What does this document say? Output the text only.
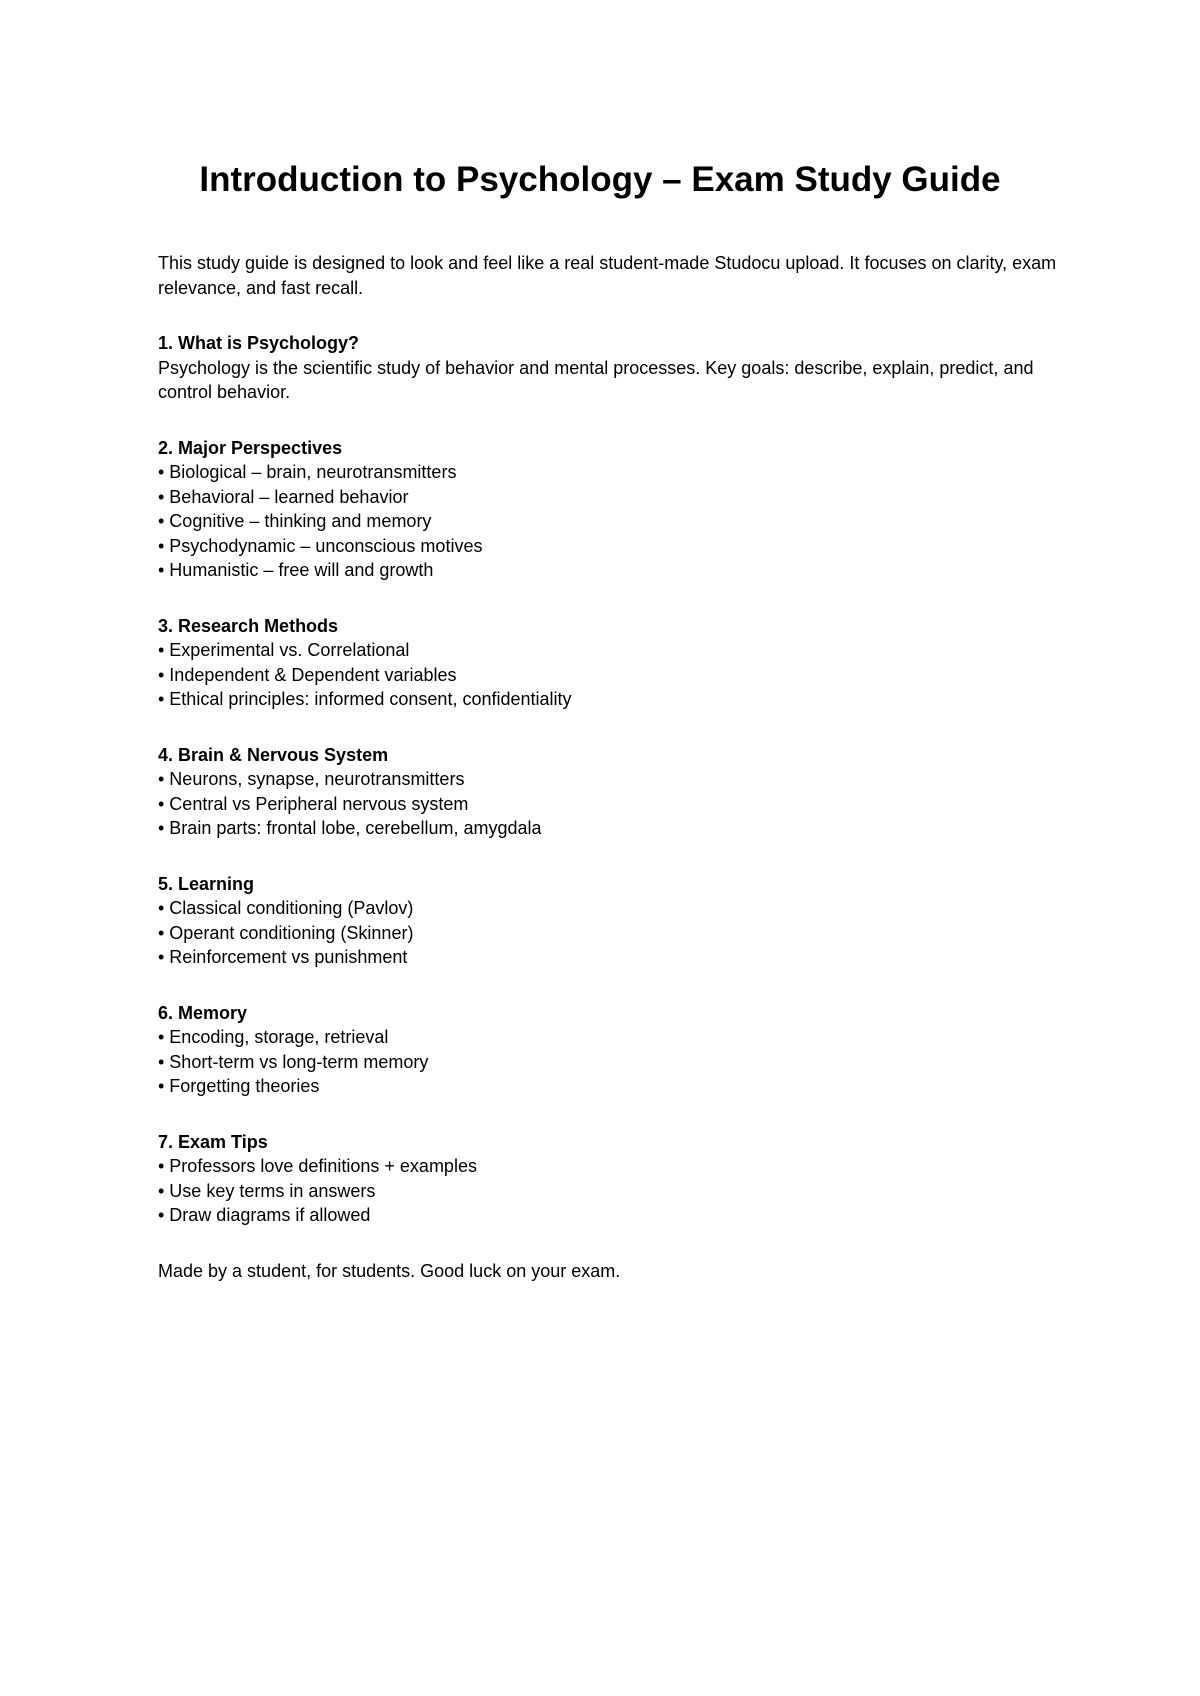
Introduction to Psychology – Exam Study Guide

This study guide is designed to look and feel like a real student-made Studocu upload. It focuses on clarity, exam relevance, and fast recall.

1. What is Psychology?

Psychology is the scientific study of behavior and mental processes. Key goals: describe, explain, predict, and control behavior.

2. Major Perspectives

• Biological – brain, neurotransmitters

• Behavioral – learned behavior

• Cognitive – thinking and memory

• Psychodynamic – unconscious motives

• Humanistic – free will and growth

3. Research Methods

• Experimental vs. Correlational

• Independent & Dependent variables

• Ethical principles: informed consent, confidentiality

4. Brain & Nervous System

• Neurons, synapse, neurotransmitters

• Central vs Peripheral nervous system

• Brain parts: frontal lobe, cerebellum, amygdala

5. Learning

• Classical conditioning (Pavlov)

• Operant conditioning (Skinner)

• Reinforcement vs punishment

6. Memory

• Encoding, storage, retrieval

• Short-term vs long-term memory

• Forgetting theories

7. Exam Tips

• Professors love definitions + examples

• Use key terms in answers

• Draw diagrams if allowed

Made by a student, for students. Good luck on your exam.
